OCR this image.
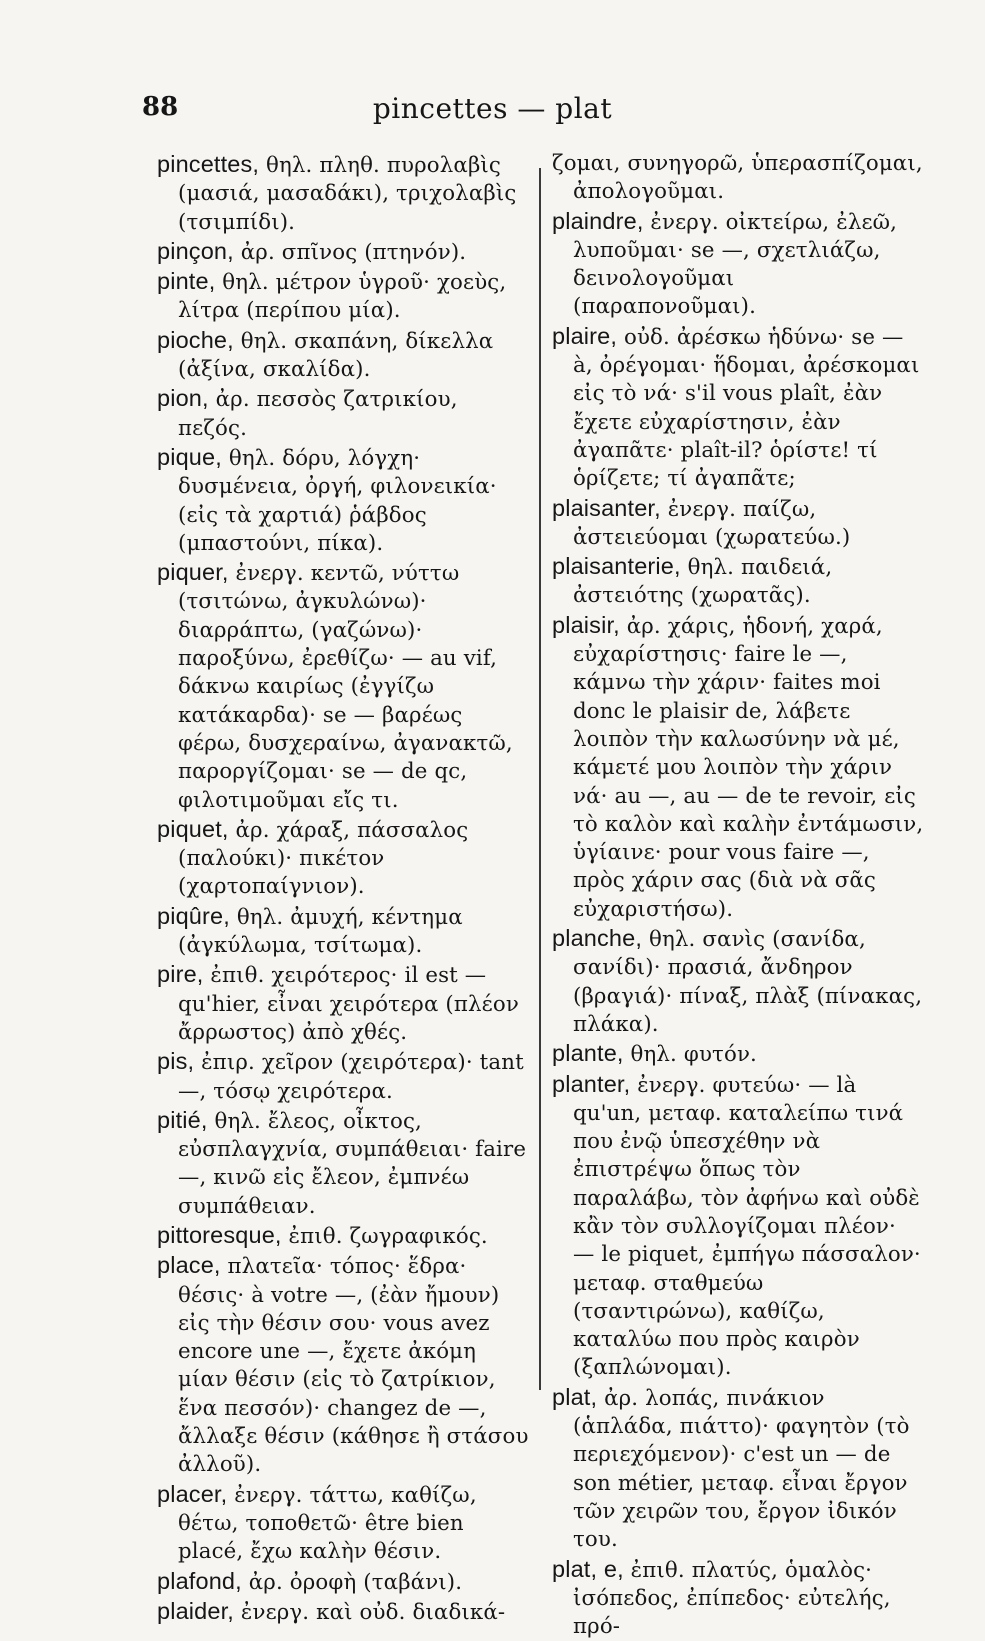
88	pincettes — plat

pincettes, θηλ. πληθ. πυρολαβὶς (μασιά, μασαδάκι), τριχολαβὶς (τσιμπίδι).

pinçon, ἀρ. σπῖνος (πτηνόν).

pinte, θηλ. μέτρον ὑγροῦ· χοεὺς, λίτρα (περίπου μία).

pioche, θηλ. σκαπάνη, δίκελλα (ἀξίνα, σκαλίδα).

pion, ἀρ. πεσσὸς ζατρικίου, πεζός.

pique, θηλ. δόρυ, λόγχη· δυσμένεια, ὀργή, φιλονεικία· (εἰς τὰ χαρτιά) ῥάβδος (μπαστούνι, πίκα).

piquer, ἐνεργ. κεντῶ, νύττω (τσιτώνω, ἀγκυλώνω)· διαρράπτω, (γαζώνω)· παροξύνω, ἐρεθίζω· — au vif, δάκνω καιρίως (ἐγγίζω κατάκαρδα)· se — βαρέως φέρω, δυσχεραίνω, ἀγανακτῶ, παροργίζομαι· se — de qc, φιλοτιμοῦμαι εἴς τι.

piquet, ἀρ. χάραξ, πάσσαλος (παλούκι)· πικέτον (χαρτοπαίγνιον).

piqûre, θηλ. ἀμυχή, κέντημα (ἀγκύλωμα, τσίτωμα).

pire, ἐπιθ. χειρότερος· il est — qu'hier, εἶναι χειρότερα (πλέον ἄρρωστος) ἀπὸ χθές.

pis, ἐπιρ. χεῖρον (χειρότερα)· tant —, τόσῳ χειρότερα.

pitié, θηλ. ἔλεος, οἶκτος, εὐσπλαγχνία, συμπάθειαι· faire —, κινῶ εἰς ἔλεον, ἐμπνέω συμπάθειαν.

pittoresque, ἐπιθ. ζωγραφικός.

place, πλατεῖα· τόπος· ἕδρα· θέσις· à votre —, (ἐὰν ἤμουν) εἰς τὴν θέσιν σου· vous avez encore une —, ἔχετε ἀκόμη μίαν θέσιν (εἰς τὸ ζατρίκιον, ἕνα πεσσόν)· changez de —, ἄλλαξε θέσιν (κάθησε ἢ στάσου ἀλλοῦ).

placer, ἐνεργ. τάττω, καθίζω, θέτω, τοποθετῶ· être bien placé, ἔχω καλὴν θέσιν.

plafond, ἀρ. ὀροφὴ (ταβάνι).

plaider, ἐνεργ. καὶ οὐδ. διαδικά-

ζομαι, συνηγορῶ, ὑπερασπίζομαι, ἀπολογοῦμαι.

plaindre, ἐνεργ. οἰκτείρω, ἐλεῶ, λυποῦμαι· se —, σχετλιάζω, δεινολογοῦμαι (παραπονοῦμαι).

plaire, οὐδ. ἀρέσκω ἡδύνω· se — à, ὀρέγομαι· ἥδομαι, ἀρέσκομαι εἰς τὸ νά· s'il vous plaît, ἐὰν ἔχετε εὐχαρίστησιν, ἐὰν ἀγαπᾶτε· plaît-il? ὁρίστε! τί ὁρίζετε; τί ἀγαπᾶτε;

plaisanter, ἐνεργ. παίζω, ἀστειεύομαι (χωρατεύω.)

plaisanterie, θηλ. παιδειά, ἀστειότης (χωρατᾶς).

plaisir, ἀρ. χάρις, ἡδονή, χαρά, εὐχαρίστησις· faire le —, κάμνω τὴν χάριν· faites moi donc le plaisir de, λάβετε λοιπὸν τὴν καλωσύνην νὰ μέ, κάμετέ μου λοιπὸν τὴν χάριν νά· au —, au — de te revoir, εἰς τὸ καλὸν καὶ καλὴν ἐντάμωσιν, ὑγίαινε· pour vous faire —, πρὸς χάριν σας (διὰ νὰ σᾶς εὐχαριστήσω).

planche, θηλ. σανὶς (σανίδα, σανίδι)· πρασιά, ἄνδηρον (βραγιά)· πίναξ, πλὰξ (πίνακας, πλάκα).

plante, θηλ. φυτόν.

planter, ἐνεργ. φυτεύω· — là qu'un, μεταφ. καταλείπω τινά που ἐνῷ ὑπεσχέθην νὰ ἐπιστρέψω ὅπως τὸν παραλάβω, τὸν ἀφήνω καὶ οὐδὲ κἂν τὸν συλλογίζομαι πλέον· — le piquet, ἐμπήγω πάσσαλον· μεταφ. σταθμεύω (τσαντιρώνω), καθίζω, καταλύω που πρὸς καιρὸν (ξαπλώνομαι).

plat, ἀρ. λοπάς, πινάκιον (ἁπλάδα, πιάττο)· φαγητὸν (τὸ περιεχόμενον)· c'est un — de son métier, μεταφ. εἶναι ἔργον τῶν χειρῶν του, ἔργον ἰδικόν του.

plat, e, ἐπιθ. πλατύς, ὁμαλὸς· ἰσόπεδος, ἐπίπεδος· εὐτελής, πρό-
